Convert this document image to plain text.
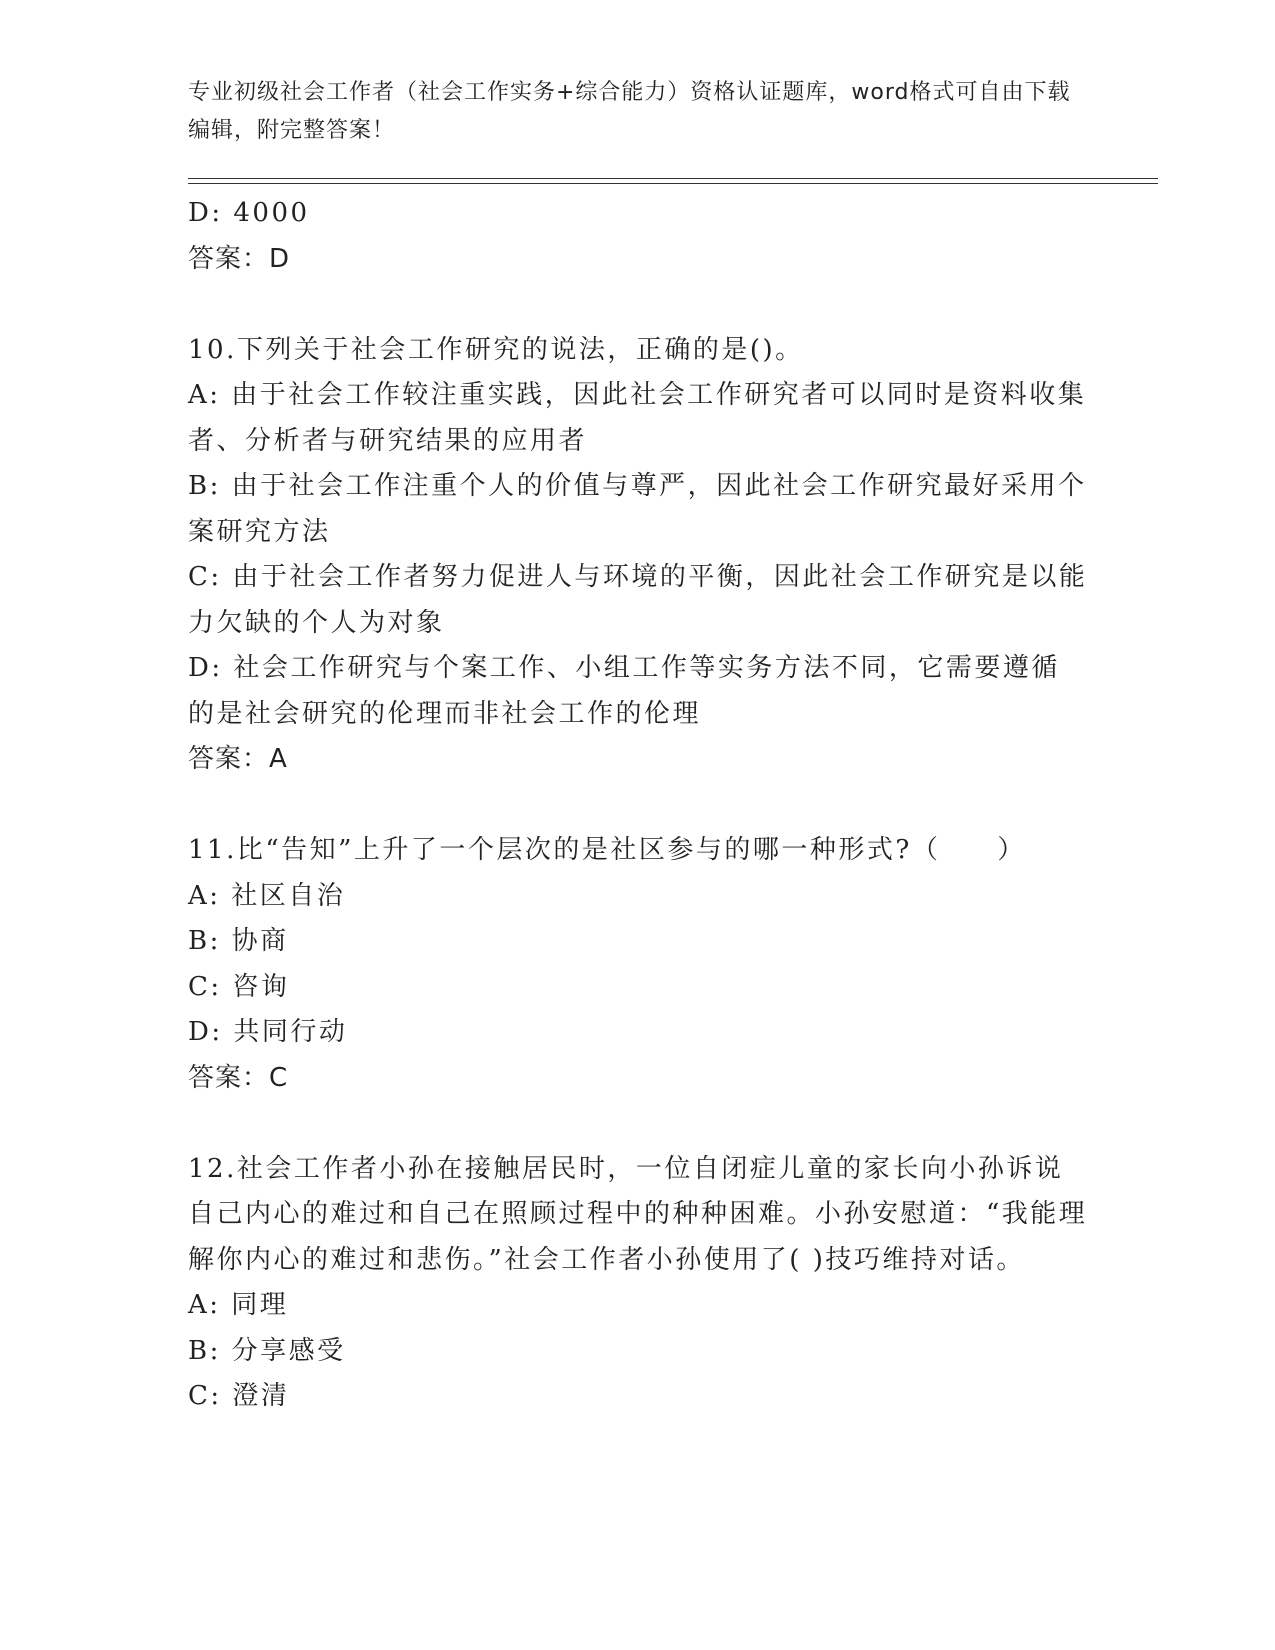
专业初级社会工作者（社会工作实务+综合能力）资格认证题库，word格式可自由下载编辑，附完整答案！
D: 4000
答案：D
10.下列关于社会工作研究的说法，正确的是()。
A: 由于社会工作较注重实践，因此社会工作研究者可以同时是资料收集者、分析者与研究结果的应用者
B: 由于社会工作注重个人的价值与尊严，因此社会工作研究最好采用个案研究方法
C: 由于社会工作者努力促进人与环境的平衡，因此社会工作研究是以能力欠缺的个人为对象
D: 社会工作研究与个案工作、小组工作等实务方法不同，它需要遵循的是社会研究的伦理而非社会工作的伦理
答案：A
11.比“告知”上升了一个层次的是社区参与的哪一种形式?（　　）
A: 社区自治
B: 协商
C: 咨询
D: 共同行动
答案：C
12.社会工作者小孙在接触居民时，一位自闭症儿童的家长向小孙诉说自己内心的难过和自己在照顾过程中的种种困难。小孙安慰道：“我能理解你内心的难过和悲伤。”社会工作者小孙使用了( )技巧维持对话。
A: 同理
B: 分享感受
C: 澄清
